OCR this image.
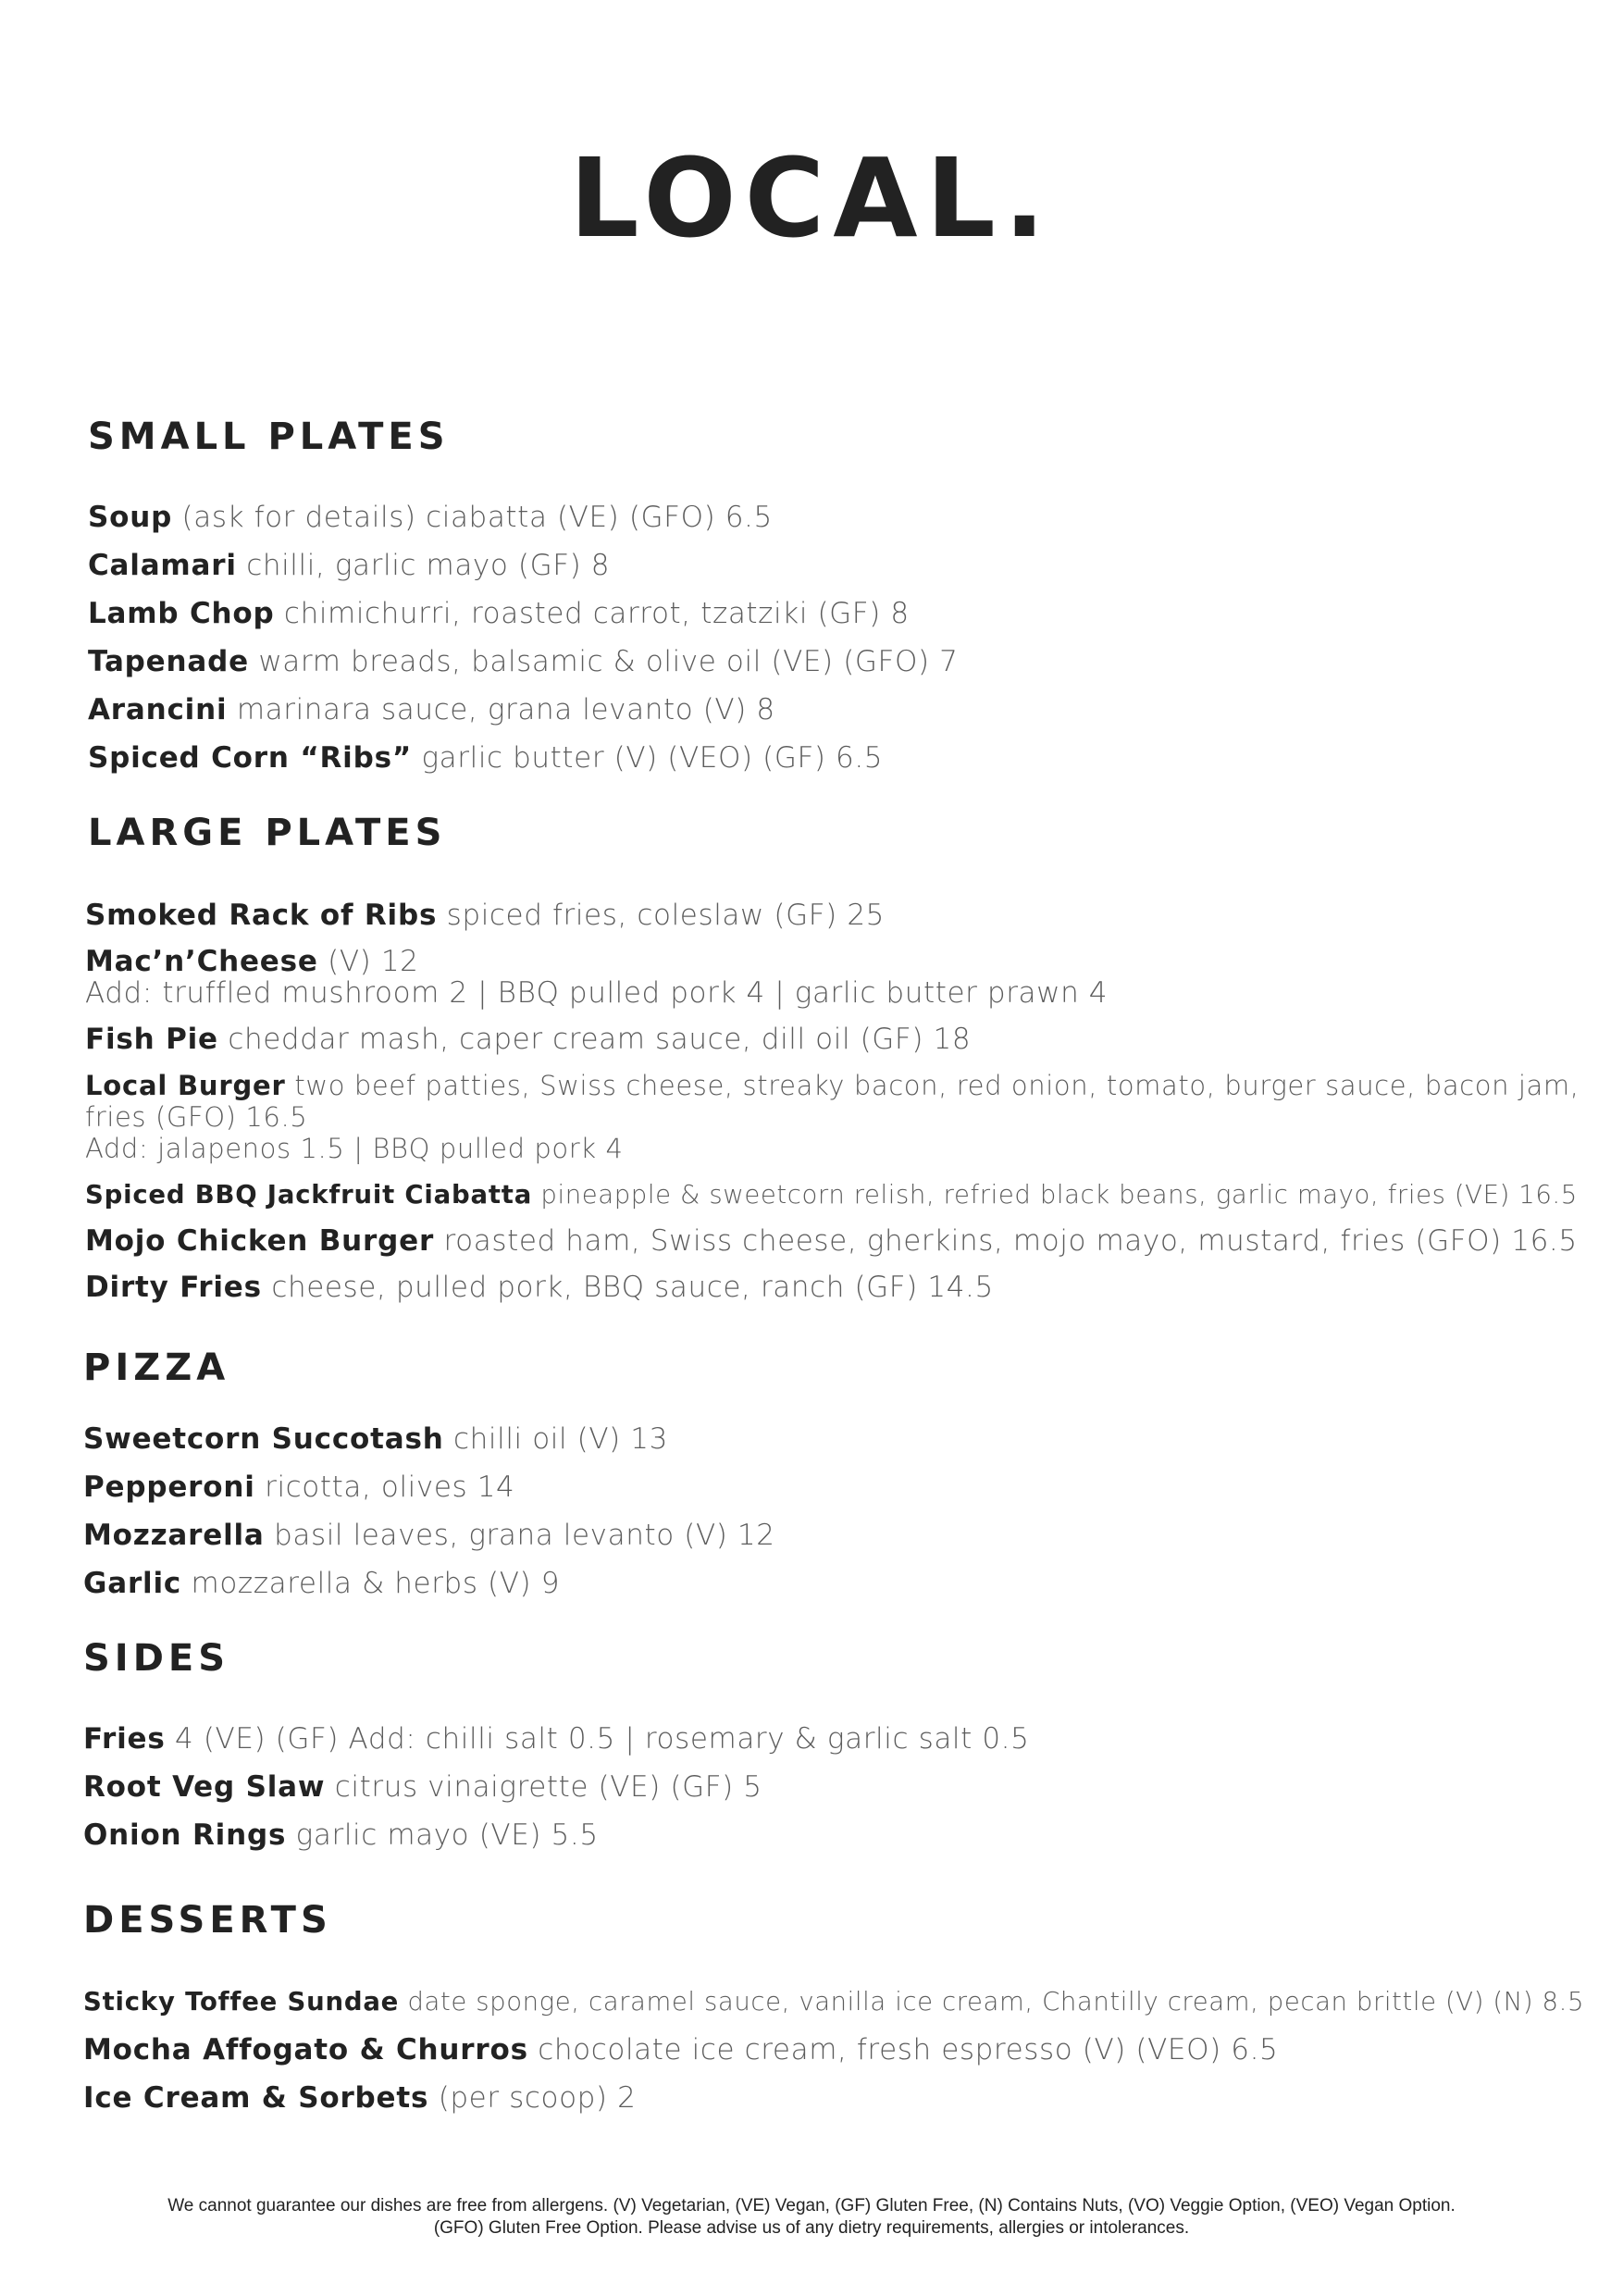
LOCAL.
SMALL PLATES
Soup (ask for details) ciabatta (VE) (GFO) 6.5
Calamari chilli, garlic mayo (GF) 8
Lamb Chop chimichurri, roasted carrot, tzatziki (GF) 8
Tapenade warm breads, balsamic & olive oil (VE) (GFO) 7
Arancini marinara sauce, grana levanto (V) 8
Spiced Corn “Ribs” garlic butter (V) (VEO) (GF) 6.5
LARGE PLATES
Smoked Rack of Ribs spiced fries, coleslaw (GF) 25
Mac’n’Cheese (V) 12
Add: truffled mushroom 2 | BBQ pulled pork 4 | garlic butter prawn 4
Fish Pie cheddar mash, caper cream sauce, dill oil (GF) 18
Local Burger two beef patties, Swiss cheese, streaky bacon, red onion, tomato, burger sauce, bacon jam,
fries (GFO) 16.5
Add: jalapenos 1.5 | BBQ pulled pork 4
Spiced BBQ Jackfruit Ciabatta pineapple & sweetcorn relish, refried black beans, garlic mayo, fries (VE) 16.5
Mojo Chicken Burger roasted ham, Swiss cheese, gherkins, mojo mayo, mustard, fries (GFO) 16.5
Dirty Fries cheese, pulled pork, BBQ sauce, ranch (GF) 14.5
PIZZA
Sweetcorn Succotash chilli oil (V) 13
Pepperoni ricotta, olives 14
Mozzarella basil leaves, grana levanto (V) 12
Garlic mozzarella & herbs (V) 9
SIDES
Fries 4 (VE) (GF) Add: chilli salt 0.5 | rosemary & garlic salt 0.5
Root Veg Slaw citrus vinaigrette (VE) (GF) 5
Onion Rings garlic mayo (VE) 5.5
DESSERTS
Sticky Toffee Sundae date sponge, caramel sauce, vanilla ice cream, Chantilly cream, pecan brittle (V) (N) 8.5
Mocha Affogato & Churros chocolate ice cream, fresh espresso (V) (VEO) 6.5
Ice Cream & Sorbets (per scoop) 2
We cannot guarantee our dishes are free from allergens. (V) Vegetarian, (VE) Vegan, (GF) Gluten Free, (N) Contains Nuts, (VO) Veggie Option, (VEO) Vegan Option.
(GFO) Gluten Free Option. Please advise us of any dietry requirements, allergies or intolerances.
